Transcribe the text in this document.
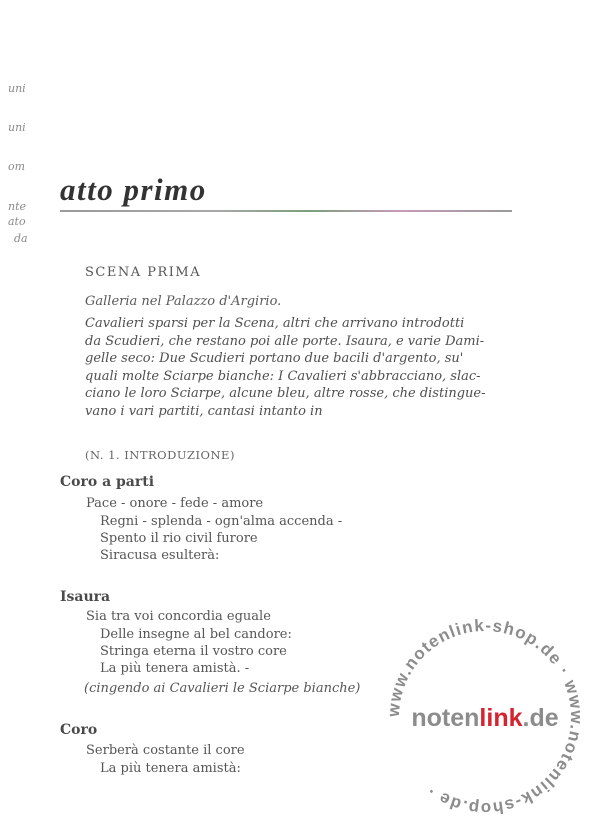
uni

uni

om

nte

ato

da

atto primo

SCENA PRIMA

Galleria nel Palazzo d'Argirio.

Cavalieri sparsi per la Scena, altri che arrivano introdotti
da Scudieri, che restano poi alle porte. Isaura, e varie Dami-
gelle seco: Due Scudieri portano due bacili d'argento, su'
quali molte Sciarpe bianche: I Cavalieri s'abbracciano, slac-
ciano le loro Sciarpe, alcune bleu, altre rosse, che distingue-
vano i vari partiti, cantasi intanto in

(N. 1. INTRODUZIONE)

Coro a parti

Pace - onore - fede - amore

Regni - splenda - ogn'alma accenda -

Spento il rio civil furore

Siracusa esulterà:

Isaura

Sia tra voi concordia eguale

Delle insegne al bel candore:

Stringa eterna il vostro core

La più tenera amistà. -

(cingendo ai Cavalieri le Sciarpe bianche)

Coro

Serberà costante il core

La più tenera amistà:

www.notenlink-shop.de · www.notenlink-shop.de ·
notenlink.de
